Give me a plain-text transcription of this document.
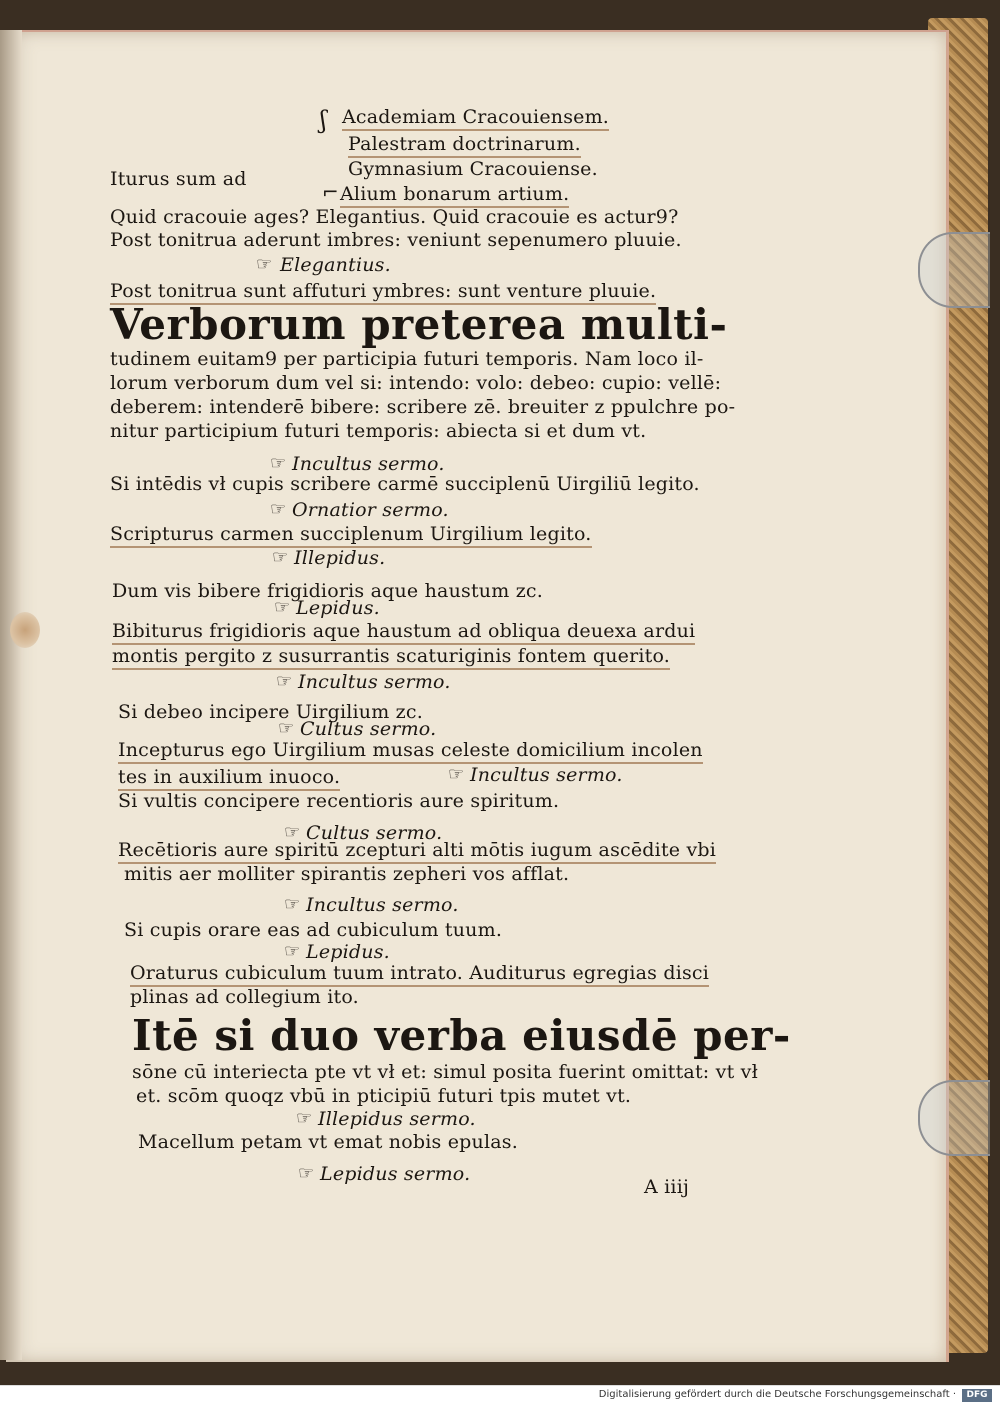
ʃ
⌐
Academiam Cracouiensem.
Palestram doctrinarum.
Gymnasium Cracouiense.
Iturus sum ad
Alium bonarum artium.
Quid cracouie ages? Elegantius. Quid cracouie es actur9?
Post tonitrua aderunt imbres: veniunt sepenumero pluuie.
☞ Elegantius.
Post tonitrua sunt affuturi ymbres: sunt venture pluuie.
Verborum preterea multi-
tudinem euitam9 per participia futuri temporis. Nam loco il-
lorum verborum dum vel si: intendo: volo: debeo: cupio: vellē:
deberem: intenderē bibere: scribere zē. breuiter z ppulchre po-
nitur participium futuri temporis: abiecta si et dum vt.
☞ Incultus sermo.
Si intēdis vł cupis scribere carmē succiplenū Uirgiliū legito.
☞ Ornatior sermo.
Scripturus carmen succiplenum Uirgilium legito.
☞ Illepidus.
Dum vis bibere frigidioris aque haustum zc.
☞ Lepidus.
Bibiturus frigidioris aque haustum ad obliqua deuexa ardui
montis pergito z susurrantis scaturiginis fontem querito.
☞ Incultus sermo.
Si debeo incipere Uirgilium zc.
☞ Cultus sermo.
Incepturus ego Uirgilium musas celeste domicilium incolen
tes in auxilium inuoco.	☞ Incultus sermo.
Si vultis concipere recentioris aure spiritum.
☞ Cultus sermo.
Recētioris aure spiritū zcepturi alti mōtis iugum ascēdite vbi
mitis aer molliter spirantis zepheri vos afflat.
☞ Incultus sermo.
Si cupis orare eas ad cubiculum tuum.
☞ Lepidus.
Oraturus cubiculum tuum intrato. Auditurus egregias disci
plinas ad collegium ito.
Itē si duo verba eiusdē per-
sōne cū interiecta pte vt vł et: simul posita fuerint omittat: vt vł
et. scōm quoqz vbū in pticipiū futuri tpis mutet vt.
☞ Illepidus sermo.
Macellum petam vt emat nobis epulas.
☞ Lepidus sermo.
A iiij
Digitalisierung gefördert durch die Deutsche Forschungsgemeinschaft ·	DFG
